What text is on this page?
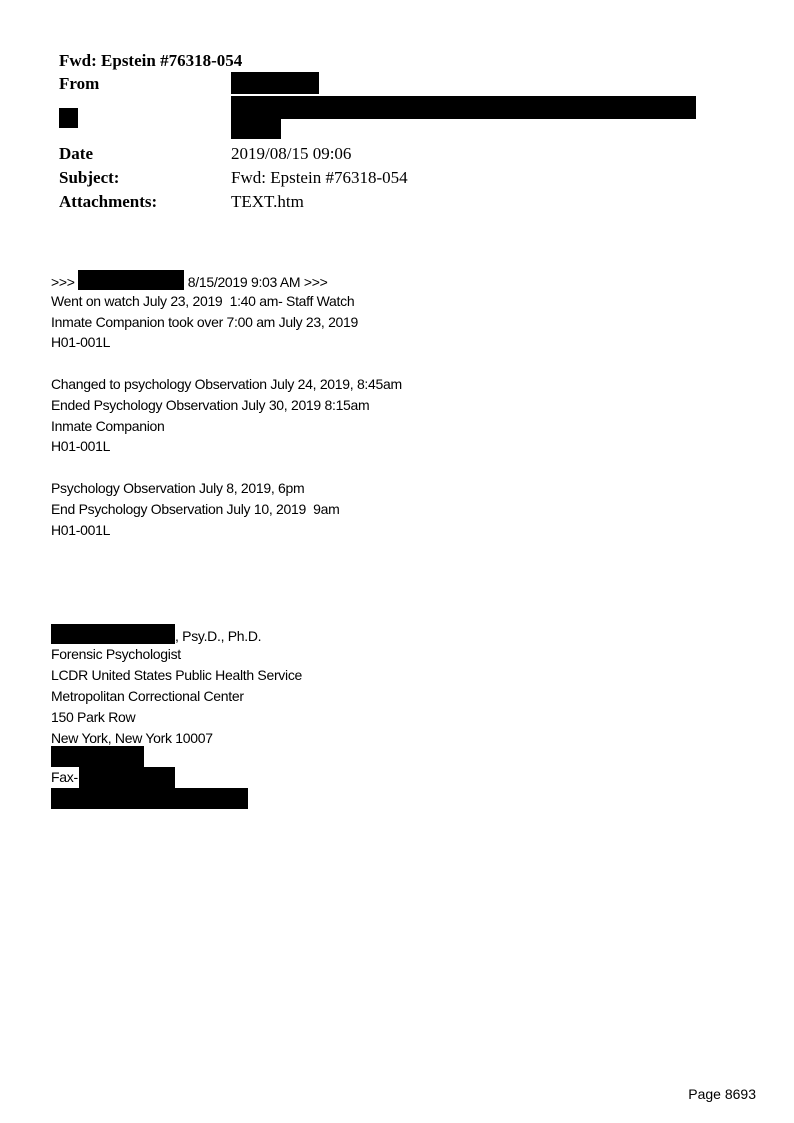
Fwd: Epstein #76318-054
From
Date	2019/08/15 09:06
Subject:	Fwd: Epstein #76318-054
Attachments:	TEXT.htm
>>>	8/15/2019 9:03 AM >>>
Went on watch July 23, 2019  1:40 am- Staff Watch
Inmate Companion took over 7:00 am July 23, 2019
H01-001L
Changed to psychology Observation July 24, 2019, 8:45am
Ended Psychology Observation July 30, 2019 8:15am
Inmate Companion
H01-001L
Psychology Observation July 8, 2019, 6pm
End Psychology Observation July 10, 2019  9am
H01-001L
, Psy.D., Ph.D.
Forensic Psychologist
LCDR United States Public Health Service
Metropolitan Correctional Center
150 Park Row
New York, New York 10007
Fax-
Page 8693
